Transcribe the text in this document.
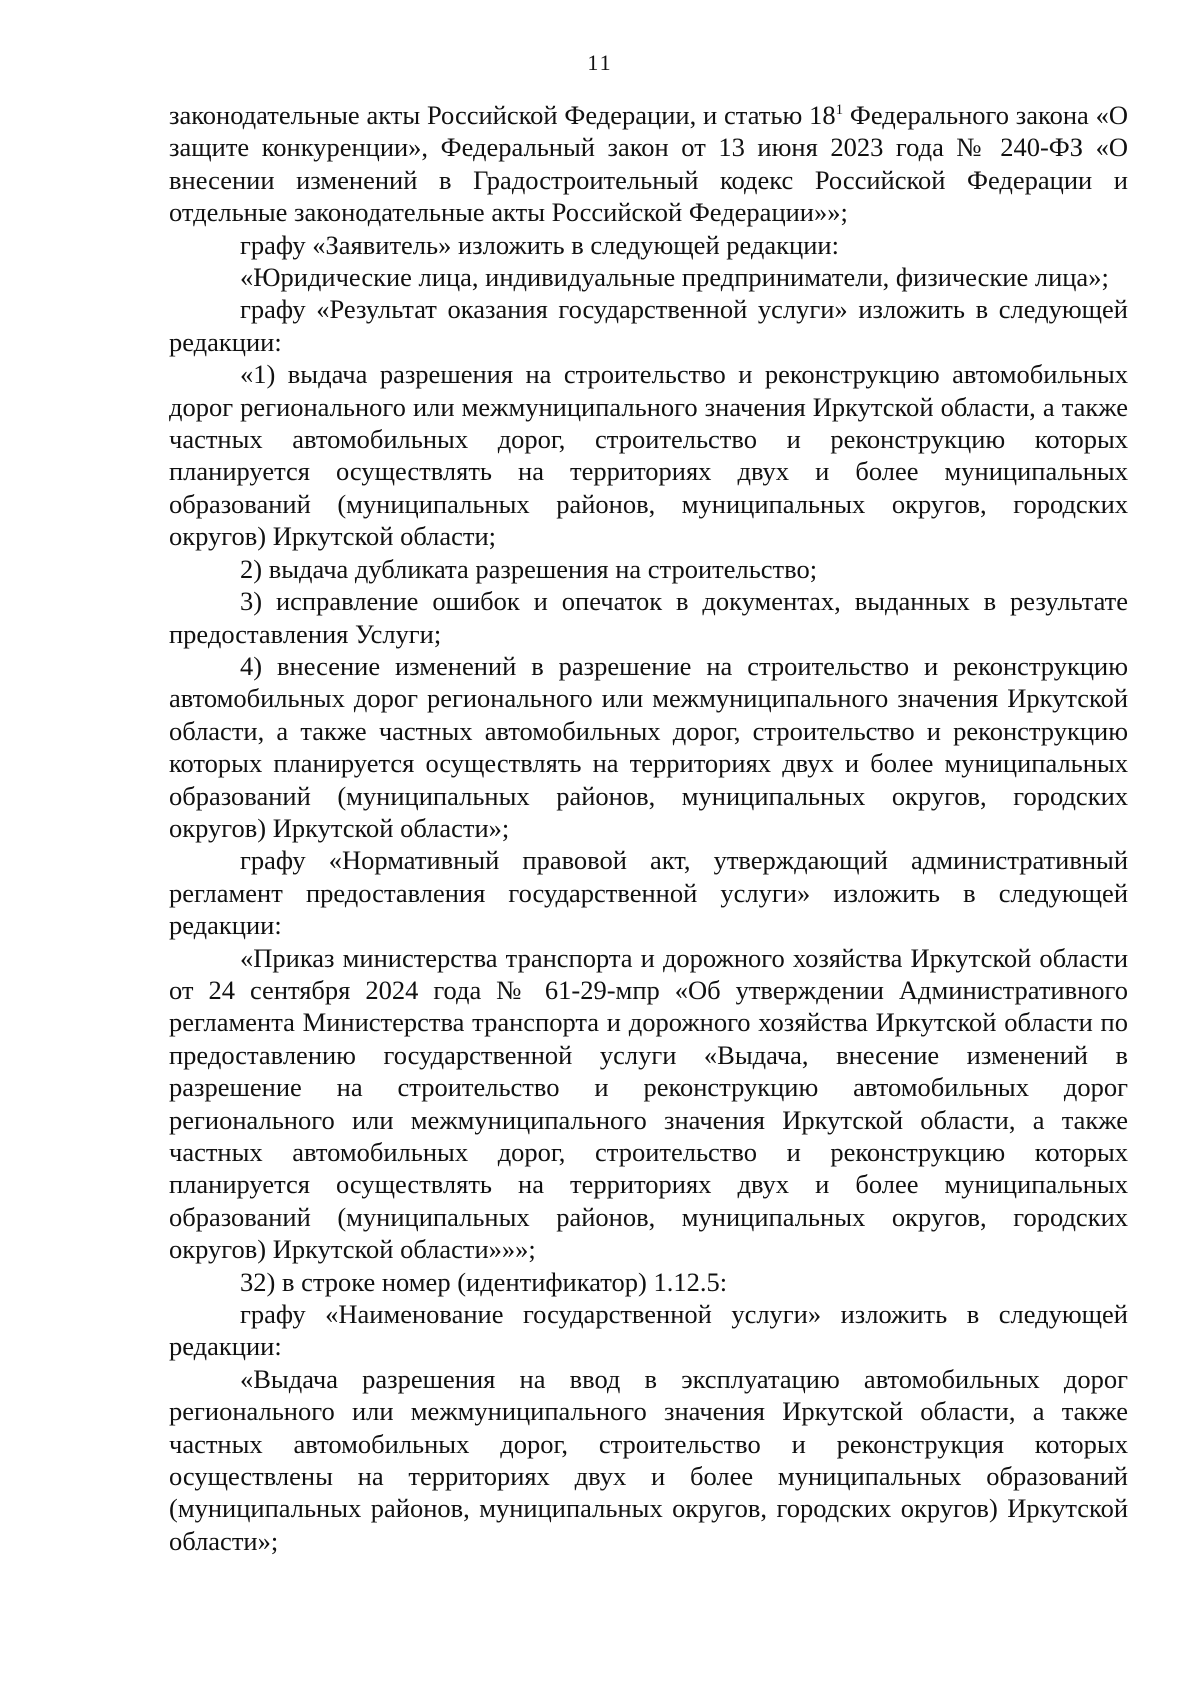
11

законодательные акты Российской Федерации, и статью $18^1$ Федерального закона «О защите конкуренции», Федеральный закон от 13 июня 2023 года № 240-ФЗ «О внесении изменений в Градостроительный кодекс Российской Федерации и отдельные законодательные акты Российской Федерации»»;

графу «Заявитель» изложить в следующей редакции:

«Юридические лица, индивидуальные предприниматели, физические лица»;

графу «Результат оказания государственной услуги» изложить в следующей редакции:

«1) выдача разрешения на строительство и реконструкцию автомобильных дорог регионального или межмуниципального значения Иркутской области, а также частных автомобильных дорог, строительство и реконструкцию которых планируется осуществлять на территориях двух и более муниципальных образований (муниципальных районов, муниципальных округов, городских округов) Иркутской области;

2) выдача дубликата разрешения на строительство;

3) исправление ошибок и опечаток в документах, выданных в результате предоставления Услуги;

4) внесение изменений в разрешение на строительство и реконструкцию автомобильных дорог регионального или межмуниципального значения Иркутской области, а также частных автомобильных дорог, строительство и реконструкцию которых планируется осуществлять на территориях двух и более муниципальных образований (муниципальных районов, муниципальных округов, городских округов) Иркутской области»;

графу «Нормативный правовой акт, утверждающий административный регламент предоставления государственной услуги» изложить в следующей редакции:

«Приказ министерства транспорта и дорожного хозяйства Иркутской области от 24 сентября 2024 года № 61-29-мпр «Об утверждении Административного регламента Министерства транспорта и дорожного хозяйства Иркутской области по предоставлению государственной услуги «Выдача, внесение изменений в разрешение на строительство и реконструкцию автомобильных дорог регионального или межмуниципального значения Иркутской области, а также частных автомобильных дорог, строительство и реконструкцию которых планируется осуществлять на территориях двух и более муниципальных образований (муниципальных районов, муниципальных округов, городских округов) Иркутской области»»»;

32) в строке номер (идентификатор) 1.12.5:

графу «Наименование государственной услуги» изложить в следующей редакции:

«Выдача разрешения на ввод в эксплуатацию автомобильных дорог регионального или межмуниципального значения Иркутской области, а также частных автомобильных дорог, строительство и реконструкция которых осуществлены на территориях двух и более муниципальных образований (муниципальных районов, муниципальных округов, городских округов) Иркутской области»;
